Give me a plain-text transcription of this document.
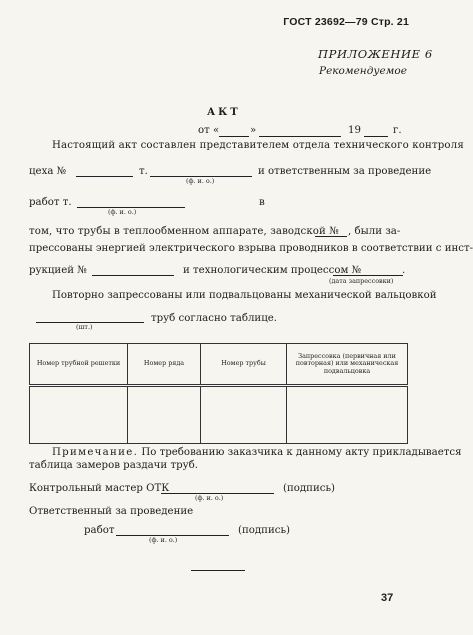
ГОСТ 23692—79 Стр. 21
ПРИЛОЖЕНИЕ 6
Рекомендуемое
АКТ
от «	»	19	г.
Настоящий акт составлен представителем отдела технического контроля
цеха №	т.
(ф. и. о.)
и ответственным за проведение
работ т.
(ф. и. о.)
в
том, что трубы в теплообменном аппарате, заводской № , были за-
прессованы энергией электрического взрыва проводников в соответствии с инст-
рукцией №	и технологическим процессом №	.
(дата запрессовки)
Повторно запрессованы или подвальцованы механической вальцовкой
(шт.)
труб согласно таблице.
Номер трубной решетки	Номер ряда	Номер трубы	Запрессовка (первичная или повторная) или механическая подвальцовка

Примечание. По требованию заказчика к данному акту прикладывается
таблица замеров раздачи труб.
Контрольный мастер ОТК
(ф. и. о.)
(подпись)
Ответственный за проведение
работ
(ф. и. о.)
(подпись)
37
